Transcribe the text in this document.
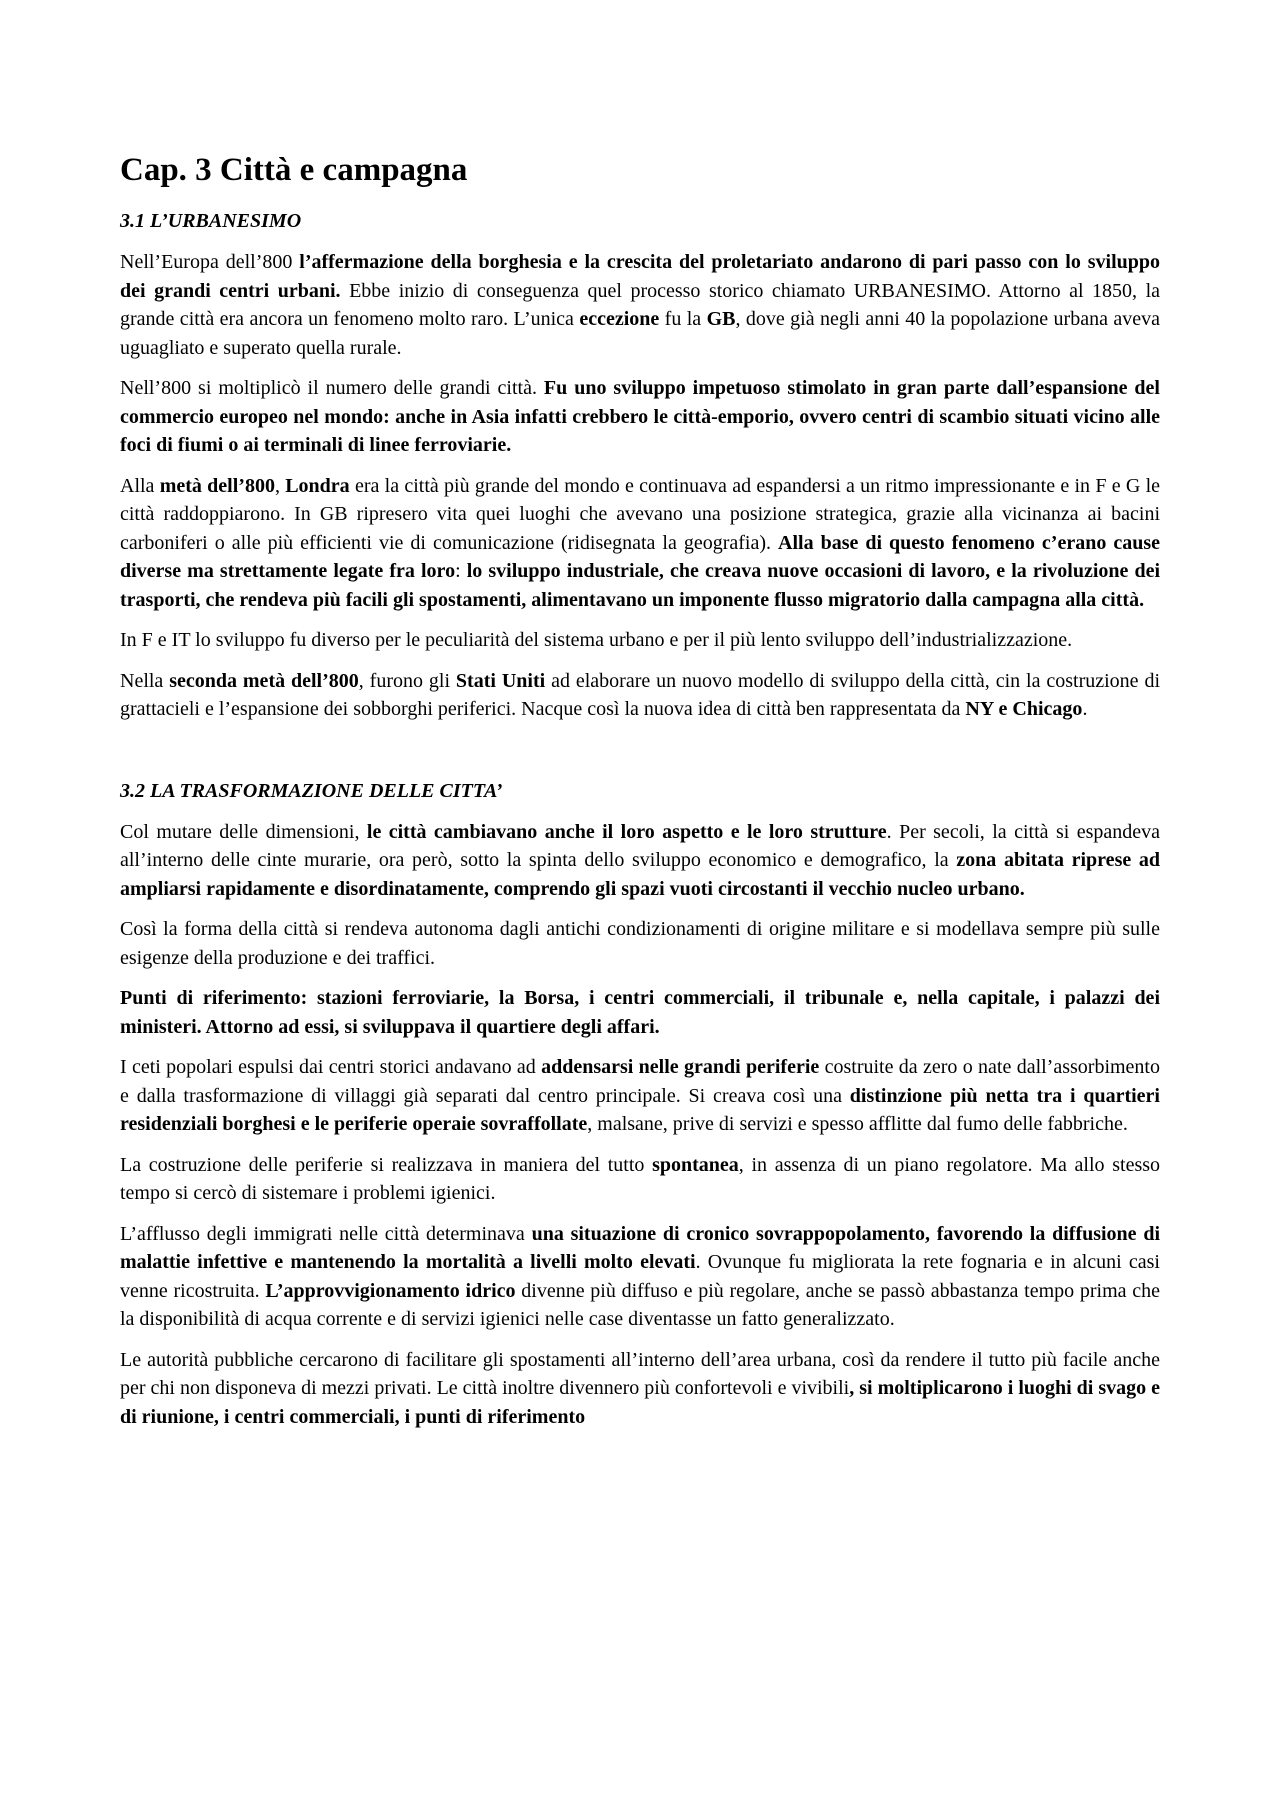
Cap. 3 Città e campagna
3.1 L’URBANESIMO

Nell’Europa dell’800 l’affermazione della borghesia e la crescita del proletariato andarono di pari passo con lo sviluppo dei grandi centri urbani. Ebbe inizio di conseguenza quel processo storico chiamato URBANESIMO. Attorno al 1850, la grande città era ancora un fenomeno molto raro. L’unica eccezione fu la GB, dove già negli anni 40 la popolazione urbana aveva uguagliato e superato quella rurale.

Nell’800 si moltiplicò il numero delle grandi città. Fu uno sviluppo impetuoso stimolato in gran parte dall’espansione del commercio europeo nel mondo: anche in Asia infatti crebbero le città-emporio, ovvero centri di scambio situati vicino alle foci di fiumi o ai terminali di linee ferroviarie.

Alla metà dell’800, Londra era la città più grande del mondo e continuava ad espandersi a un ritmo impressionante e in F e G le città raddoppiarono. In GB ripresero vita quei luoghi che avevano una posizione strategica, grazie alla vicinanza ai bacini carboniferi o alle più efficienti vie di comunicazione (ridisegnata la geografia). Alla base di questo fenomeno c’erano cause diverse ma strettamente legate fra loro: lo sviluppo industriale, che creava nuove occasioni di lavoro, e la rivoluzione dei trasporti, che rendeva più facili gli spostamenti, alimentavano un imponente flusso migratorio dalla campagna alla città.

In F e IT lo sviluppo fu diverso per le peculiarità del sistema urbano e per il più lento sviluppo dell’industrializzazione.

Nella seconda metà dell’800, furono gli Stati Uniti ad elaborare un nuovo modello di sviluppo della città, cin la costruzione di grattacieli e l’espansione dei sobborghi periferici. Nacque così la nuova idea di città ben rappresentata da NY e Chicago.

3.2 LA TRASFORMAZIONE DELLE CITTA’

Col mutare delle dimensioni, le città cambiavano anche il loro aspetto e le loro strutture. Per secoli, la città si espandeva all’interno delle cinte murarie, ora però, sotto la spinta dello sviluppo economico e demografico, la zona abitata riprese ad ampliarsi rapidamente e disordinatamente, comprendo gli spazi vuoti circostanti il vecchio nucleo urbano.

Così la forma della città si rendeva autonoma dagli antichi condizionamenti di origine militare e si modellava sempre più sulle esigenze della produzione e dei traffici.

Punti di riferimento: stazioni ferroviarie, la Borsa, i centri commerciali, il tribunale e, nella capitale, i palazzi dei ministeri. Attorno ad essi, si sviluppava il quartiere degli affari.

I ceti popolari espulsi dai centri storici andavano ad addensarsi nelle grandi periferie costruite da zero o nate dall’assorbimento e dalla trasformazione di villaggi già separati dal centro principale. Si creava così una distinzione più netta tra i quartieri residenziali borghesi e le periferie operaie sovraffollate, malsane, prive di servizi e spesso afflitte dal fumo delle fabbriche.

La costruzione delle periferie si realizzava in maniera del tutto spontanea, in assenza di un piano regolatore. Ma allo stesso tempo si cercò di sistemare i problemi igienici.

L’afflusso degli immigrati nelle città determinava una situazione di cronico sovrappopolamento, favorendo la diffusione di malattie infettive e mantenendo la mortalità a livelli molto elevati. Ovunque fu migliorata la rete fognaria e in alcuni casi venne ricostruita. L’approvvigionamento idrico divenne più diffuso e più regolare, anche se passò abbastanza tempo prima che la disponibilità di acqua corrente e di servizi igienici nelle case diventasse un fatto generalizzato.

Le autorità pubbliche cercarono di facilitare gli spostamenti all’interno dell’area urbana, così da rendere il tutto più facile anche per chi non disponeva di mezzi privati. Le città inoltre divennero più confortevoli e vivibili, si moltiplicarono i luoghi di svago e di riunione, i centri commerciali, i punti di riferimento
